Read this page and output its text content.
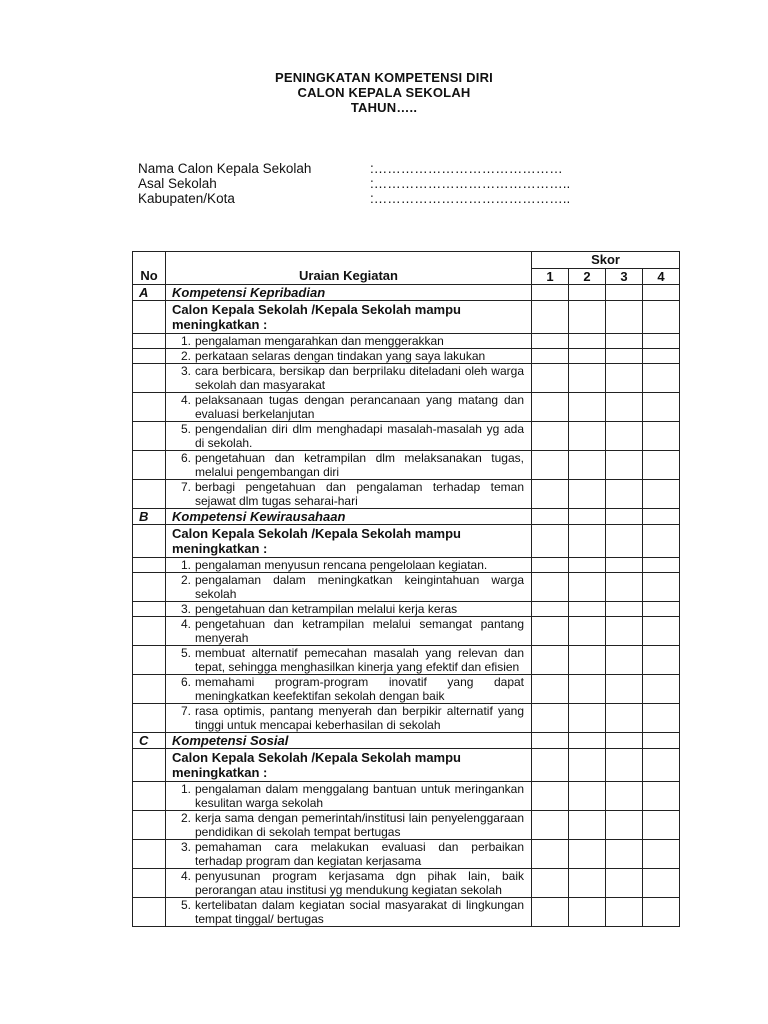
PENINGKATAN KOMPETENSI DIRI
CALON KEPALA SEKOLAH
TAHUN…..
Nama Calon Kepala Sekolah	:……………………………………
Asal Sekolah	:……………………………………..
Kabupaten/Kota	:……………………………………..
No	Uraian Kegiatan	Skor			
		1	2	3	4
A	Kompetensi Kepribadian				
	Calon Kepala Sekolah /Kepala Sekolah mampu meningkatkan :				
	1. pengalaman mengarahkan dan menggerakkan				
	2. perkataan selaras dengan tindakan yang saya lakukan				
	3. cara berbicara, bersikap dan berprilaku diteladani oleh warga sekolah dan masyarakat				
	4. pelaksanaan tugas dengan perancanaan yang matang dan evaluasi berkelanjutan				
	5. pengendalian diri dlm menghadapi masalah-masalah yg ada di sekolah.				
	6. pengetahuan dan ketrampilan dlm melaksanakan tugas, melalui pengembangan diri				
	7. berbagi pengetahuan dan pengalaman terhadap teman sejawat dlm tugas seharai-hari				
B	Kompetensi Kewirausahaan				
	Calon Kepala Sekolah /Kepala Sekolah mampu meningkatkan :				
	1. pengalaman menyusun rencana pengelolaan kegiatan.				
	2. pengalaman dalam meningkatkan keingintahuan warga sekolah				
	3. pengetahuan dan ketrampilan melalui kerja keras				
	4. pengetahuan dan ketrampilan melalui semangat pantang menyerah				
	5. membuat alternatif pemecahan masalah yang relevan dan tepat, sehingga menghasilkan kinerja yang efektif dan efisien				
	6. memahami program-program inovatif yang dapat meningkatkan keefektifan sekolah dengan baik				
	7. rasa optimis, pantang menyerah dan berpikir alternatif yang tinggi untuk mencapai keberhasilan di sekolah				
C	Kompetensi Sosial				
	Calon Kepala Sekolah /Kepala Sekolah mampu meningkatkan :				
	1. pengalaman dalam menggalang bantuan untuk meringankan kesulitan warga sekolah				
	2. kerja sama dengan pemerintah/institusi lain penyelenggaraan pendidikan di sekolah tempat bertugas				
	3. pemahaman cara melakukan evaluasi dan perbaikan terhadap program dan kegiatan kerjasama				
	4. penyusunan program kerjasama dgn pihak lain, baik perorangan atau institusi yg mendukung kegiatan sekolah				
	5. kertelibatan dalam kegiatan social masyarakat di lingkungan tempat tinggal/ bertugas				
